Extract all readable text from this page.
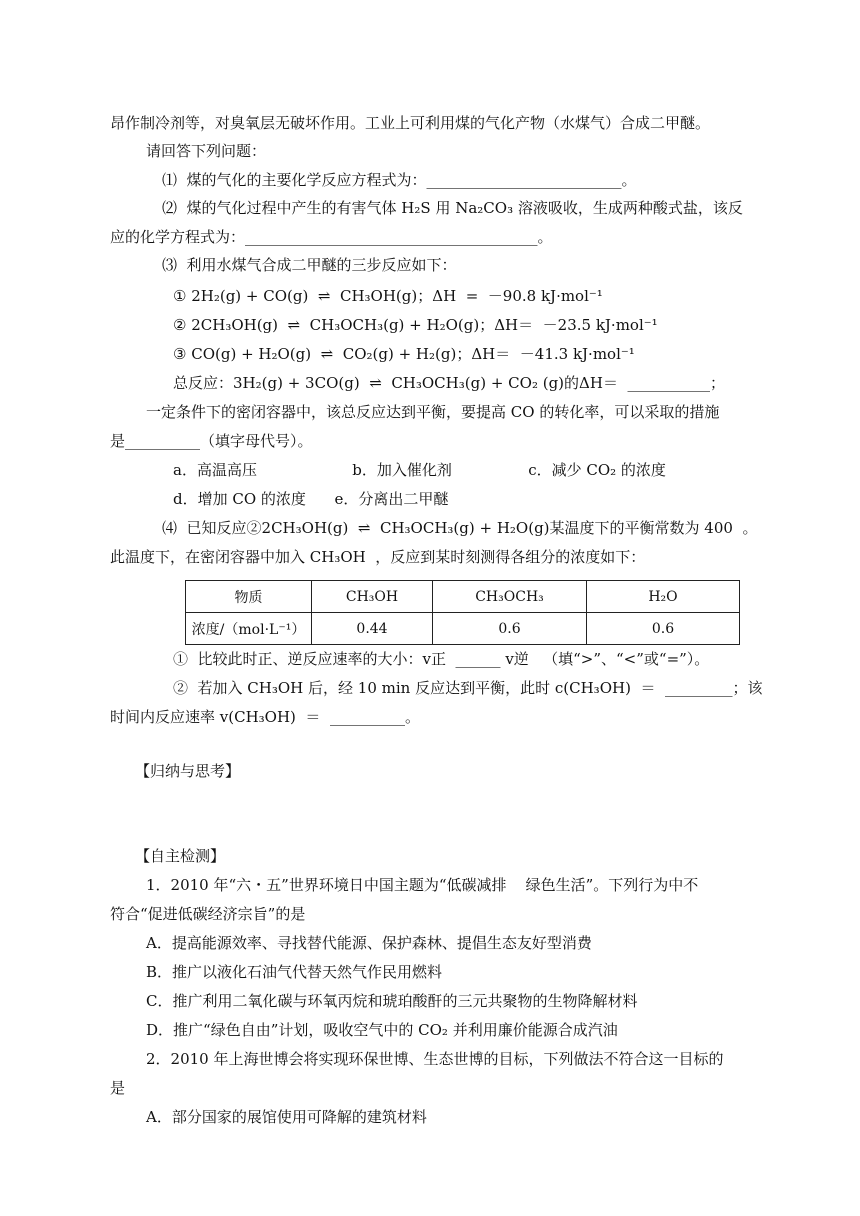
昂作制冷剂等，对臭氧层无破坏作用。工业上可利用煤的气化产物（水煤气）合成二甲醚。
请回答下列问题：
⑴  煤的气化的主要化学反应方程式为：__________________________。
⑵  煤的气化过程中产生的有害气体 H₂S 用 Na₂CO₃ 溶液吸收，生成两种酸式盐，该反
应的化学方程式为：_______________________________________。
⑶  利用水煤气合成二甲醚的三步反应如下：
① 2H₂(g) + CO(g)  ⇌  CH₃OH(g)；ΔH  =  －90.8 kJ·mol⁻¹
② 2CH₃OH(g)  ⇌  CH₃OCH₃(g) + H₂O(g)；ΔH＝  －23.5 kJ·mol⁻¹
③ CO(g) + H₂O(g)  ⇌  CO₂(g) + H₂(g)；ΔH＝  －41.3 kJ·mol⁻¹
总反应：3H₂(g) + 3CO(g)  ⇌  CH₃OCH₃(g) + CO₂ (g)的ΔH＝  ___________；
一定条件下的密闭容器中，该总反应达到平衡，要提高 CO 的转化率，可以采取的措施
是__________（填字母代号）。
a．高温高压                    b．加入催化剂                c．减少 CO₂ 的浓度
d．增加 CO 的浓度      e．分离出二甲醚
⑷  已知反应②2CH₃OH(g)  ⇌  CH₃OCH₃(g) + H₂O(g)某温度下的平衡常数为 400  。
此温度下，在密闭容器中加入 CH₃OH  ，反应到某时刻测得各组分的浓度如下：
物质	CH₃OH	CH₃OCH₃	H₂O
浓度/（mol·L⁻¹）	0.44	0.6	0.6
①  比较此时正、逆反应速率的大小：v正  ______ v逆   （填“>”、“<”或“=”）。
②  若加入 CH₃OH 后，经 10 min 反应达到平衡，此时 c(CH₃OH)  ＝  _________；该
时间内反应速率 v(CH₃OH)  ＝  __________。
【归纳与思考】
【自主检测】
1．2010 年“六・五”世界环境日中国主题为“低碳减排    绿色生活”。下列行为中不
符合“促进低碳经济宗旨”的是
A．提高能源效率、寻找替代能源、保护森林、提倡生态友好型消费
B．推广以液化石油气代替天然气作民用燃料
C．推广利用二氧化碳与环氧丙烷和琥珀酸酐的三元共聚物的生物降解材料
D．推广“绿色自由”计划，吸收空气中的 CO₂ 并利用廉价能源合成汽油
2．2010 年上海世博会将实现环保世博、生态世博的目标，下列做法不符合这一目标的
是
A．部分国家的展馆使用可降解的建筑材料
